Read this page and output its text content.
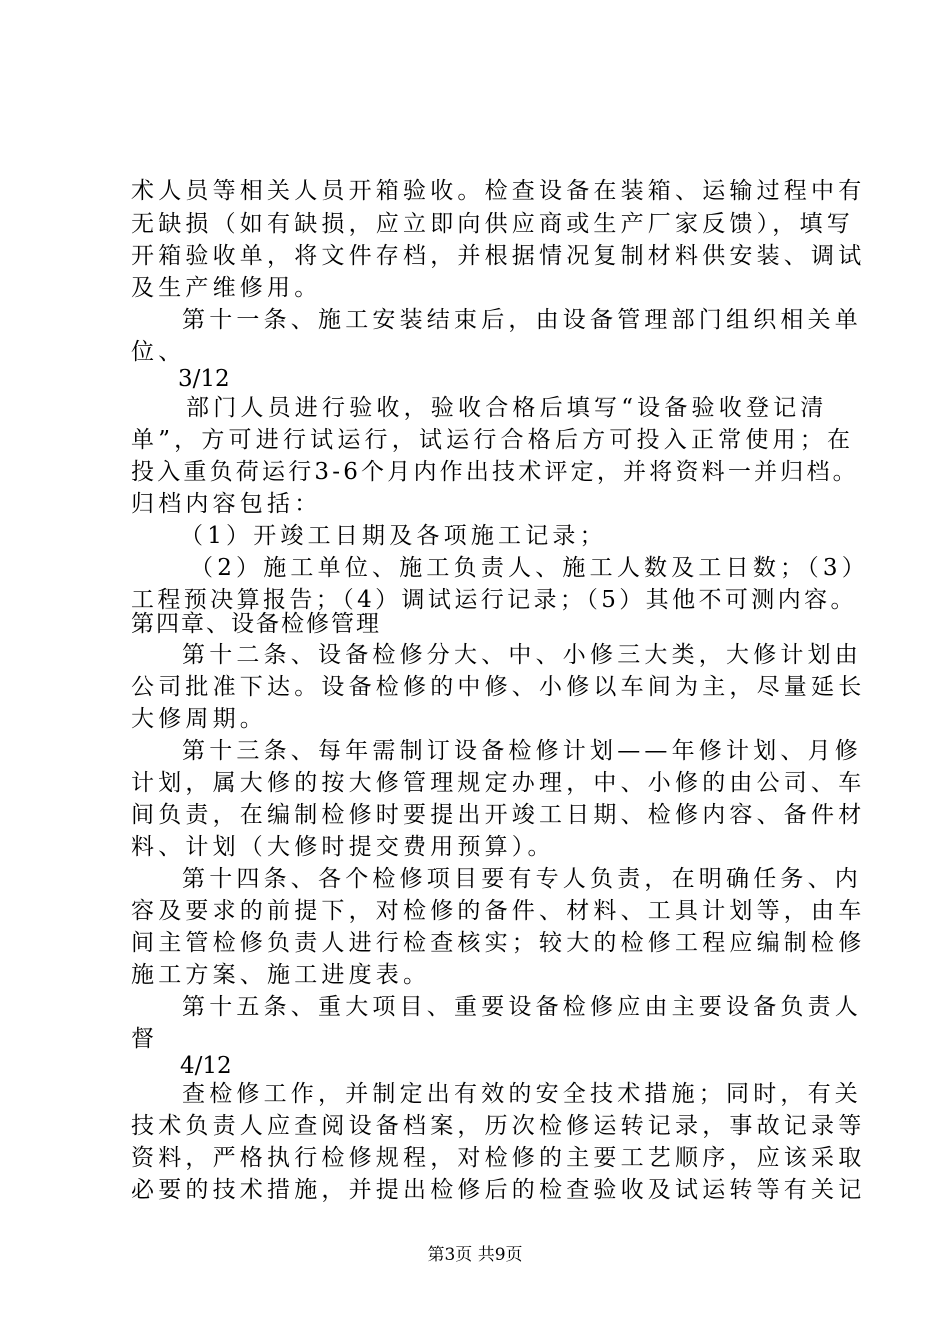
术人员等相关人员开箱验收。检查设备在装箱、运输过程中有
无缺损（如有缺损，应立即向供应商或生产厂家反馈），填写
开箱验收单，将文件存档，并根据情况复制材料供安装、调试
及生产维修用。
第十一条、施工安装结束后，由设备管理部门组织相关单
位、
3/12
部门人员进行验收，验收合格后填写“设备验收登记清
单”，方可进行试运行，试运行合格后方可投入正常使用；在
投入重负荷运行3-6个月内作出技术评定，并将资料一并归档。
归档内容包括：
（1）开竣工日期及各项施工记录；
（2）施工单位、施工负责人、施工人数及工日数；（3）
工程预决算报告；（4）调试运行记录；（5）其他不可测内容。
第四章、设备检修管理
第十二条、设备检修分大、中、小修三大类，大修计划由
公司批准下达。设备检修的中修、小修以车间为主，尽量延长
大修周期。
第十三条、每年需制订设备检修计划——年修计划、月修
计划，属大修的按大修管理规定办理，中、小修的由公司、车
间负责，在编制检修时要提出开竣工日期、检修内容、备件材
料、计划（大修时提交费用预算）。
第十四条、各个检修项目要有专人负责，在明确任务、内
容及要求的前提下，对检修的备件、材料、工具计划等，由车
间主管检修负责人进行检查核实；较大的检修工程应编制检修
施工方案、施工进度表。
第十五条、重大项目、重要设备检修应由主要设备负责人
督
4/12
查检修工作，并制定出有效的安全技术措施；同时，有关
技术负责人应查阅设备档案，历次检修运转记录，事故记录等
资料，严格执行检修规程，对检修的主要工艺顺序，应该采取
必要的技术措施，并提出检修后的检查验收及试运转等有关记
第3页 共9页
